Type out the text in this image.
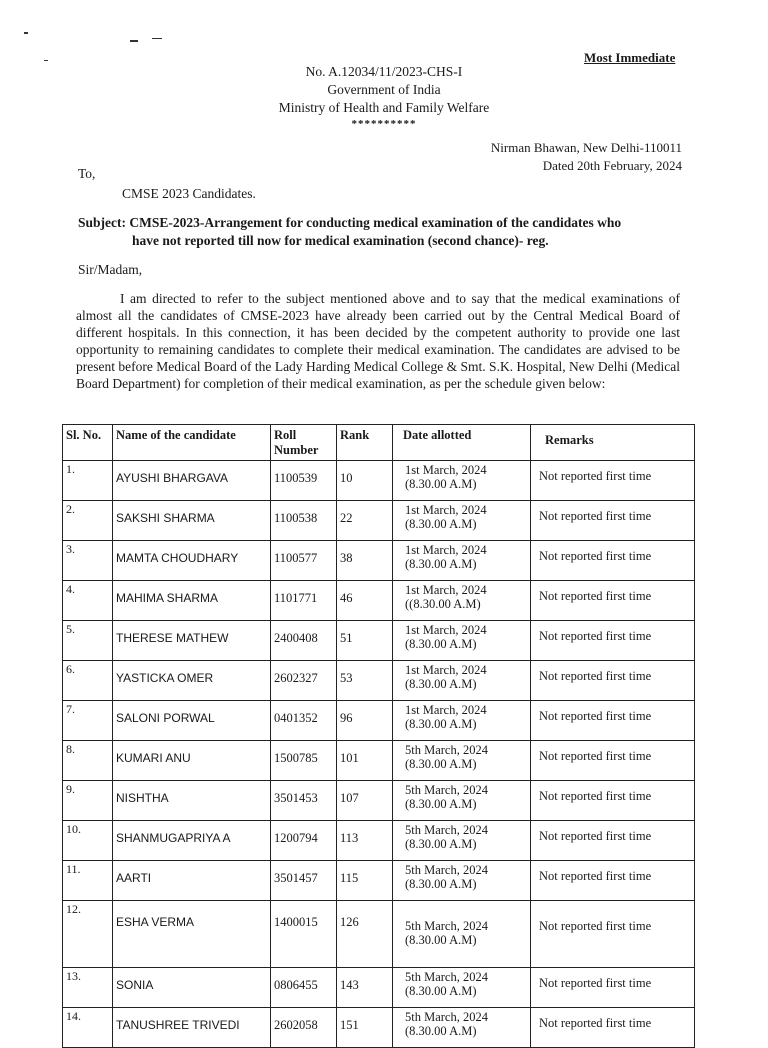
Most Immediate
No. A.12034/11/2023-CHS-I
Government of India
Ministry of Health and Family Welfare
**********
Nirman Bhawan, New Delhi-110011
Dated 20th February, 2024
To,
CMSE 2023 Candidates.
Subject: CMSE-2023-Arrangement for conducting medical examination of the candidates who
have not reported till now for medical examination (second chance)- reg.
Sir/Madam,
I am directed to refer to the subject mentioned above and to say that the medical examinations of almost all the candidates of CMSE-2023 have already been carried out by the Central Medical Board of different hospitals. In this connection, it has been decided by the competent authority to provide one last opportunity to remaining candidates to complete their medical examination. The candidates are advised to be present before Medical Board of the Lady Harding Medical College & Smt. S.K. Hospital, New Delhi (Medical Board Department) for completion of their medical examination, as per the schedule given below:
Sl. No.	Name of the candidate	Roll Number	Rank	Date allotted	Remarks
1.	AYUSHI BHARGAVA	1100539	10	1st March, 2024
(8.30.00 A.M)	Not reported first time
2.	SAKSHI SHARMA	1100538	22	1st March, 2024
(8.30.00 A.M)	Not reported first time
3.	MAMTA CHOUDHARY	1100577	38	1st March, 2024
(8.30.00 A.M)	Not reported first time
4.	MAHIMA SHARMA	1101771	46	1st March, 2024
((8.30.00 A.M)	Not reported first time
5.	THERESE MATHEW	2400408	51	1st March, 2024
(8.30.00 A.M)	Not reported first time
6.	YASTICKA OMER	2602327	53	1st March, 2024
(8.30.00 A.M)	Not reported first time
7.	SALONI PORWAL	0401352	96	1st March, 2024
(8.30.00 A.M)	Not reported first time
8.	KUMARI ANU	1500785	101	5th March, 2024
(8.30.00 A.M)	Not reported first time
9.	NISHTHA	3501453	107	5th March, 2024
(8.30.00 A.M)	Not reported first time
10.	SHANMUGAPRIYA A	1200794	113	5th March, 2024
(8.30.00 A.M)	Not reported first time
11.	AARTI	3501457	115	5th March, 2024
(8.30.00 A.M)	Not reported first time
12.	ESHA VERMA	1400015	126	5th March, 2024
(8.30.00 A.M)	Not reported first time
13.	SONIA	0806455	143	5th March, 2024
(8.30.00 A.M)	Not reported first time
14.	TANUSHREE TRIVEDI	2602058	151	5th March, 2024
(8.30.00 A.M)	Not reported first time
